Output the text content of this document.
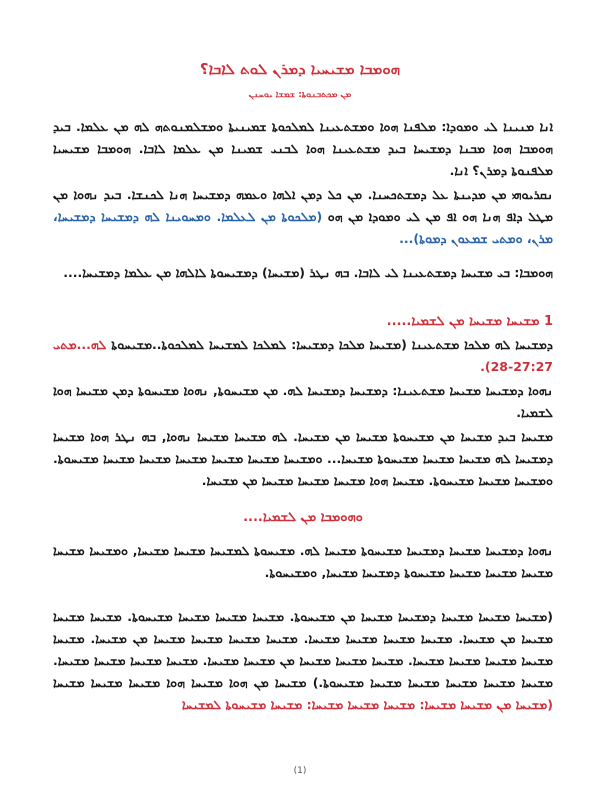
ܗܘܡܒܐ ܡܫܝܚܝܐ ܕܡܪܢ ܠܘܬ ܠܐܒܐ؟
ܡܢ ܡܟܬܒܢܘܬܐ: ܫܡܫܐ ܝܘܚܢܢ

ܐܢܐ ܡܢܝܢܐ ܠܝ ܘܡܘܕܐ: ܡܠܦܢܐ ܗܘܐ ܘܡܫܬܥܝܢܐ ܠܡܠܟܘܬܐ ܫܡܝܢܝܬܐ ܘܡܫܠܡܢܘܬܗ ܠܗ ܡܢ ܥܠܡܐ. ܒܝܕ ܗܘܡܒܐ ܗܘܐ ܡܒܢܐ ܕܡܫܝܚܐ ܒܝܕ ܡܫܬܥܝܢܐ ܗܘܐ ܠܒܢܝ ܫܡܝܢܐ ܡܢ ܥܠܡܐ ܠܐܒܐ. ܗܘܡܒܐ ܡܫܝܚܝܐ ܡܠܦܢܘܬܐ ܕܡܪܢ؟ ܐܢܐ.

ܢܩܪܝܘܗܝ ܡܢ ܡܕܝܢܬܐ ܥܠ ܕܡܫܬܟܚܢܐ. ܡܢ ܟܠ ܕܡܢ ܐܠܗܐ ܘܥܡܗ ܕܡܫܝܚܐ ܗܢܐ ܠܟܢܫܐ. ܒܝܕ ܢܗܘܐ ܡܢ ܡܛܠ ܕܐܦ ܗܢܐ ܗܘ ܐܦ ܡܢ ܠܝ ܘܡܘܕܐ ܡܢ ܗܘ (ܡܠܟܘܬܐ ܡܢ ܠܥܠܡܐ. ܘܡܚܘܝܢܐ ܠܗ ܕܡܫܝܚܐ ܕܡܫܝܚܐ، ܡܪܢ، ܘܡܬܝ ܫܡܥܘܢ ܕܡܘܬܐ)...

ܗܘܡܒܐ: ܒܝ ܡܫܝܚܐ ܕܡܫܬܥܝܢܐ ܠܝ ܠܐܒܐ. ܒܗ ܢܛܪ (ܡܫܝܚܐ) ܕܡܫܝܚܘܬܐ ܠܐܠܗܐ ܡܢ ܥܠܡܐ ܕܡܫܝܚܐ....

1 ܡܫܝܚܐ ܡܫܝܚܐ ܡܢ ܠܫܡܝܐ.....

ܕܡܫܝܚܐ ܠܗ ܡܠܟܐ ܡܫܬܥܝܢܐ (ܡܫܝܚܐ ܡܠܟܐ ܕܡܫܝܚܐ: ܠܡܠܟܐ ܠܡܫܝܚܐ ܠܡܠܟܘܬܐ..ܡܫܝܚܘܬܐ ܠܗ...ܡܬܝ 27:27-28).

ܢܗܘܐ ܕܡܫܝܚܐ ܡܫܝܚܐ ܡܫܬܥܝܢܐ: ܕܡܫܝܚܐ ܕܡܫܝܚܐ ܠܗ. ܡܢ ܡܫܝܚܘܬܐ, ܢܗܘܐ ܡܫܝܚܘܬܐ ܕܡܢ ܡܫܝܚܐ ܗܘܐ ܠܫܡܝܐ.

ܡܫܝܚܐ ܒܝܕ ܡܫܝܚܐ ܡܢ ܡܫܝܚܘܬܐ ܡܫܝܚܐ ܡܢ ܡܫܝܚܐ. ܠܗ ܡܫܝܚܐ ܡܫܝܚܐ ܢܗܘܐ, ܒܗ ܢܛܪ ܗܘܐ ܡܫܝܚܐ ܕܡܫܝܚܐ ܠܗ ܡܫܝܚܐ ܡܫܝܚܐ ܡܫܝܚܘܬܐ ܡܫܝܚܐ... ܘܡܫܝܚܐ ܡܫܝܚܐ ܡܫܝܚܐ ܡܫܝܚܐ ܡܫܝܚܐ ܡܫܝܚܐ ܡܫܝܚܘܬܐ. ܘܡܫܝܚܐ ܡܫܝܚܐ ܡܫܝܚܘܬܐ. ܡܫܝܚܐ ܗܘܐ ܡܫܝܚܐ ܡܫܝܚܐ ܡܫܝܚܐ ܡܢ ܡܫܝܚܐ.

ܘܗܘܡܒܐ ܡܢ ܠܫܡܝܐ....

ܢܗܘܐ ܕܡܫܝܚܐ ܡܫܝܚܐ ܕܡܫܝܚܐ ܡܫܝܚܘܬܐ ܡܫܝܚܐ ܠܗ. ܡܫܝܚܘܬܐ ܠܡܫܝܚܐ ܡܫܝܚܐ ܡܫܝܚܐ, ܘܡܫܝܚܐ ܡܫܝܚܐ ܡܫܝܚܐ ܡܫܝܚܐ ܡܫܝܚܐ ܡܫܝܚܘܬܐ ܕܡܫܝܚܐ ܡܫܝܚܐ, ܘܡܫܝܚܘܬܐ.

(ܡܫܝܚܐ ܡܫܝܚܐ ܡܫܝܚܐ ܕܡܫܝܚܐ ܡܫܝܚܐ ܡܢ ܡܫܝܚܘܬܐ. ܡܫܝܚܐ ܡܫܝܚܐ ܡܫܝܚܐ ܡܫܝܚܘܬܐ. ܡܫܝܚܐ ܡܫܝܚܐ ܡܫܝܚܐ ܡܢ ܡܫܝܚܐ. ܡܫܝܚܐ ܡܫܝܚܐ ܡܫܝܚܐ ܡܫܝܚܐ. ܡܫܝܚܐ ܡܫܝܚܐ ܡܫܝܚܐ ܡܫܝܚܐ ܡܢ ܡܫܝܚܐ. ܡܫܝܚܐ ܡܫܝܚܐ ܡܫܝܚܐ ܡܫܝܚܐ ܡܫܝܚܐ. ܡܫܝܚܐ ܡܫܝܚܐ ܡܫܝܚܐ ܡܢ ܡܫܝܚܐ ܡܫܝܚܐ. ܡܫܝܚܐ ܡܫܝܚܐ ܡܫܝܚܐ ܡܫܝܚܐ. ܡܫܝܚܐ ܡܫܝܚܐ ܡܫܝܚܐ ܡܫܝܚܐ ܡܫܝܚܐ ܡܫܝܚܘܬܐ.) ܡܫܝܚܐ ܡܢ ܗܘܐ ܡܫܝܚܐ ܗܘܐ ܡܫܝܚܐ ܡܫܝܚܐ ܡܫܝܚܐ (ܡܫܝܚܐ ܡܢ ܡܫܝܚܐ ܡܫܝܚܐ: ܡܫܝܚܐ ܡܫܝܚܐ ܡܫܝܚܐ: ܡܫܝܚܐ ܡܫܝܚܘܬܐ ܠܡܫܝܚܐ

(1)
